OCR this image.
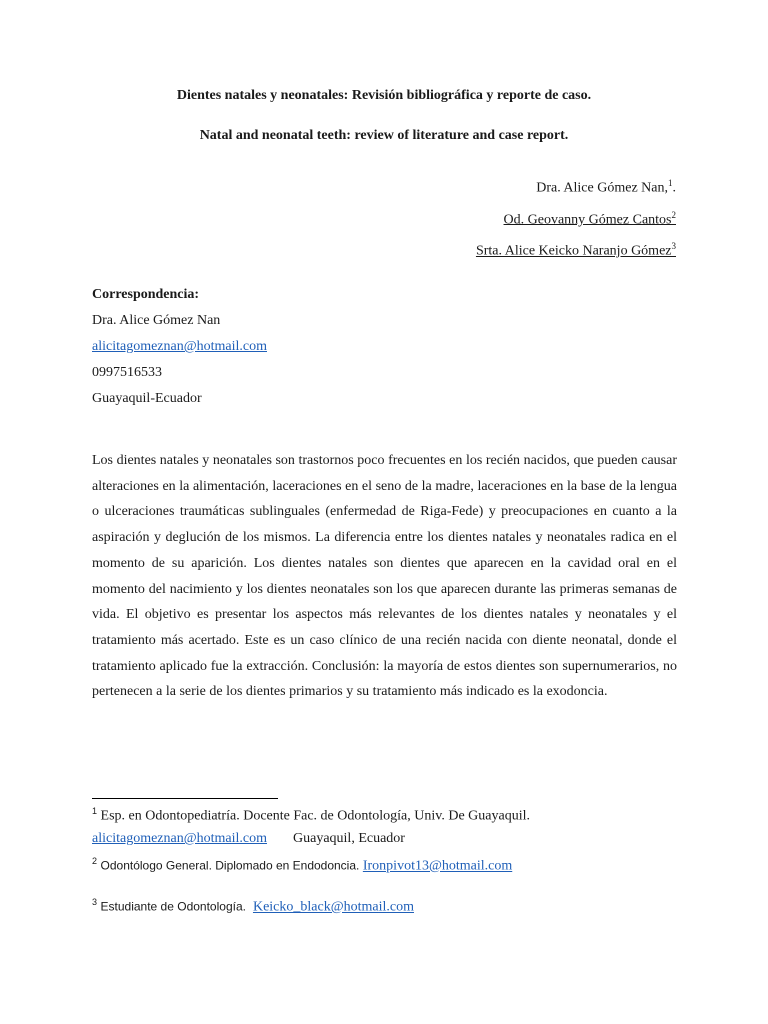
Dientes natales y neonatales: Revisión bibliográfica y reporte de caso.
Natal and neonatal teeth: review of literature and case report.
Dra. Alice Gómez Nan,$^1$.
Od. Geovanny Gómez Cantos$^2$
Srta. Alice Keicko Naranjo Gómez$^3$
Correspondencia:
Dra. Alice Gómez Nan
alicitagomeznan@hotmail.com
0997516533
Guayaquil-Ecuador
Los dientes natales y neonatales son trastornos poco frecuentes en los recién nacidos, que pueden causar alteraciones en la alimentación, laceraciones en el seno de la madre, laceraciones en la base de la lengua o ulceraciones traumáticas sublinguales (enfermedad de Riga-Fede) y preocupaciones en cuanto a la aspiración y deglución de los mismos. La diferencia entre los dientes natales y neonatales radica en el momento de su aparición. Los dientes natales son dientes que aparecen en la cavidad oral en el momento del nacimiento y los dientes neonatales son los que aparecen durante las primeras semanas de vida. El objetivo es presentar los aspectos más relevantes de los dientes natales y neonatales y el tratamiento más acertado. Este es un caso clínico de una recién nacida con diente neonatal, donde el tratamiento aplicado fue la extracción. Conclusión: la mayoría de estos dientes son supernumerarios, no pertenecen a la serie de los dientes primarios y su tratamiento más indicado es la exodoncia.
$^1$ Esp. en Odontopediatría. Docente Fac. de Odontología, Univ. De Guayaquil.
alicitagomeznan@hotmail.com Guayaquil, Ecuador
$^2$ Odontólogo General. Diplomado en Endodoncia. Ironpivot13@hotmail.com
$^3$ Estudiante de Odontología. Keicko_black@hotmail.com
